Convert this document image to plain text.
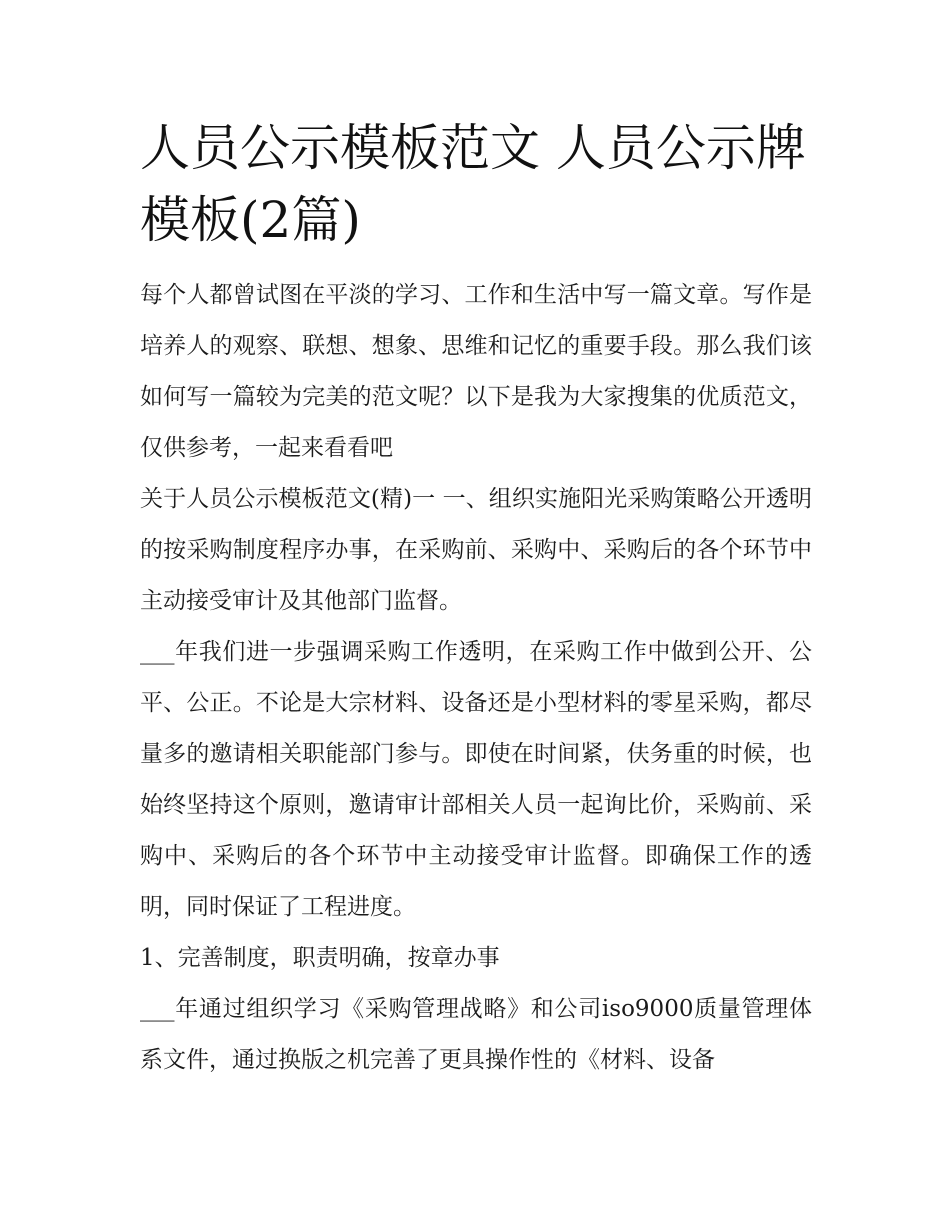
人员公示模板范文 人员公示牌模板(2篇)

每个人都曾试图在平淡的学习、工作和生活中写一篇文章。写作是培养人的观察、联想、想象、思维和记忆的重要手段。那么我们该如何写一篇较为完美的范文呢？以下是我为大家搜集的优质范文，仅供参考，一起来看看吧

关于人员公示模板范文(精)一 一、组织实施阳光采购策略公开透明的按采购制度程序办事，在采购前、采购中、采购后的各个环节中主动接受审计及其他部门监督。

___年我们进一步强调采购工作透明，在采购工作中做到公开、公平、公正。不论是大宗材料、设备还是小型材料的零星采购，都尽量多的邀请相关职能部门参与。即使在时间紧，伕务重的时候，也始终坚持这个原则，邀请审计部相关人员一起询比价，采购前、采购中、采购后的各个环节中主动接受审计监督。即确保工作的透明，同时保证了工程进度。

1、完善制度，职责明确，按章办事

___年通过组织学习《采购管理战略》和公司iso9000质量管理体系文件，通过换版之机完善了更具操作性的《材料、设备
